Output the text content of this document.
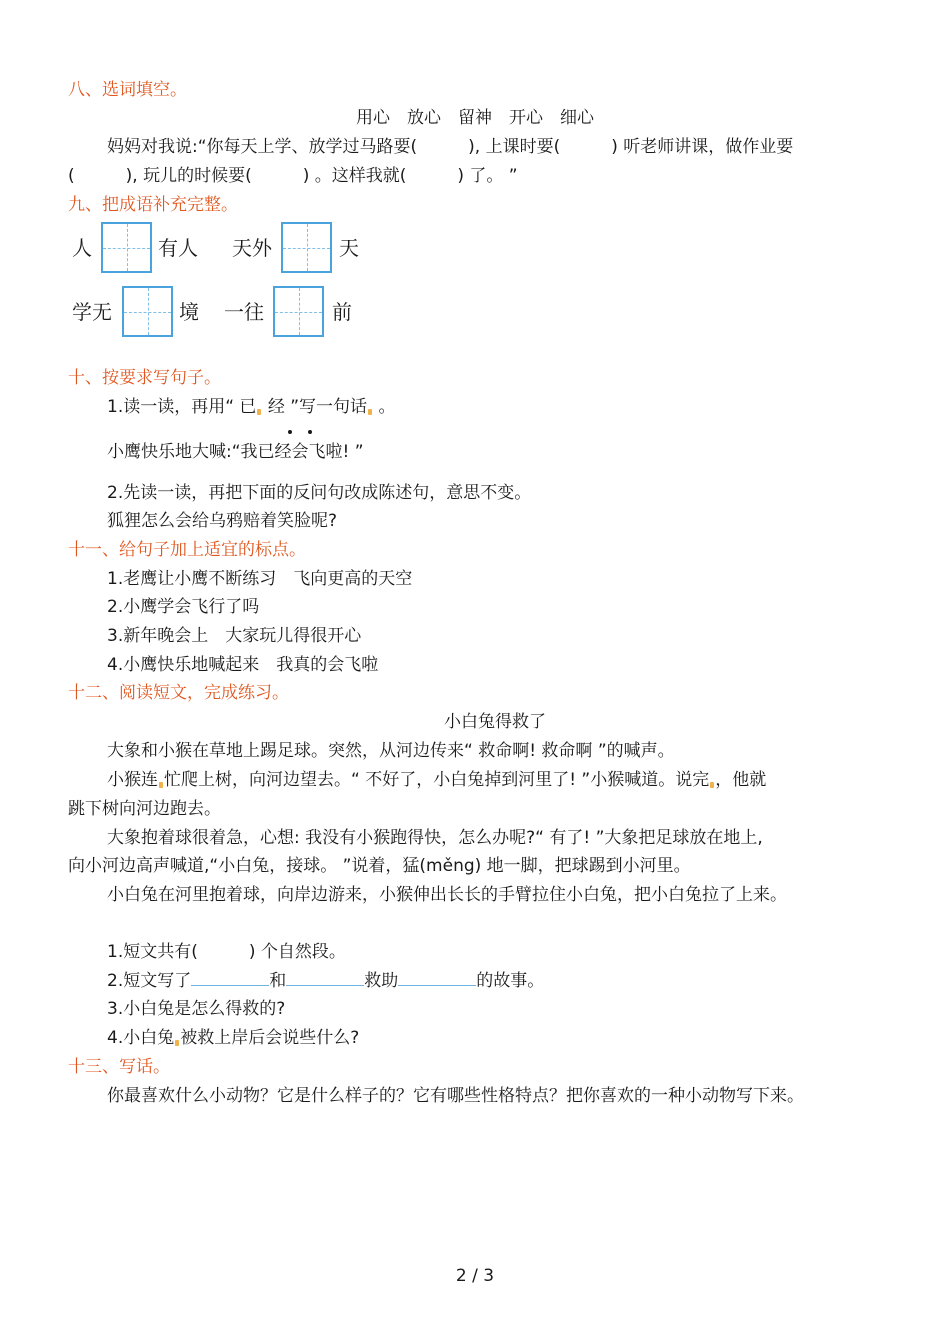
八、选词填空。
用心　放心　留神　开心　细心
妈妈对我说:“你每天上学、放学过马路要(　　　), 上课时要(　　　) 听老师讲课，做作业要
(　　　), 玩儿的时候要(　　　) 。这样我就(　　　) 了。 ”
九、把成语补充完整。
人	有人 天外	天
学无	境 一往	前
十、按要求写句子。
1.读一读，再用“ 已 经 ”写一句话 。
小鹰快乐地大喊:“我已经会飞啦! ”
2.先读一读，再把下面的反问句改成陈述句，意思不变。
狐狸怎么会给乌鸦赔着笑脸呢?
十一、给句子加上适宜的标点。
1.老鹰让小鹰不断练习　飞向更高的天空
2.小鹰学会飞行了吗
3.新年晚会上　大家玩儿得很开心
4.小鹰快乐地喊起来　我真的会飞啦
十二、阅读短文，完成练习。
小白兔得救了
大象和小猴在草地上踢足球。突然，从河边传来“ 救命啊! 救命啊 ”的喊声。
小猴连 忙爬上树，向河边望去。“ 不好了，小白兔掉到河里了! ”小猴喊道。说完 ，他就
跳下树向河边跑去。
大象抱着球很着急，心想: 我没有小猴跑得快，怎么办呢?“ 有了! ”大象把足球放在地上,
向小河边高声喊道,“小白兔，接球。 ”说着，猛(měng) 地一脚，把球踢到小河里。
小白兔在河里抱着球，向岸边游来，小猴伸出长长的手臂拉住小白兔，把小白兔拉了上来。
1.短文共有(　　　) 个自然段。
2.短文写了	和	救助	的故事。
3.小白兔是怎么得救的?
4.小白兔 被救上岸后会说些什么?
十三、写话。
你最喜欢什么小动物？它是什么样子的？它有哪些性格特点？把你喜欢的一种小动物写下来。
2 / 3
